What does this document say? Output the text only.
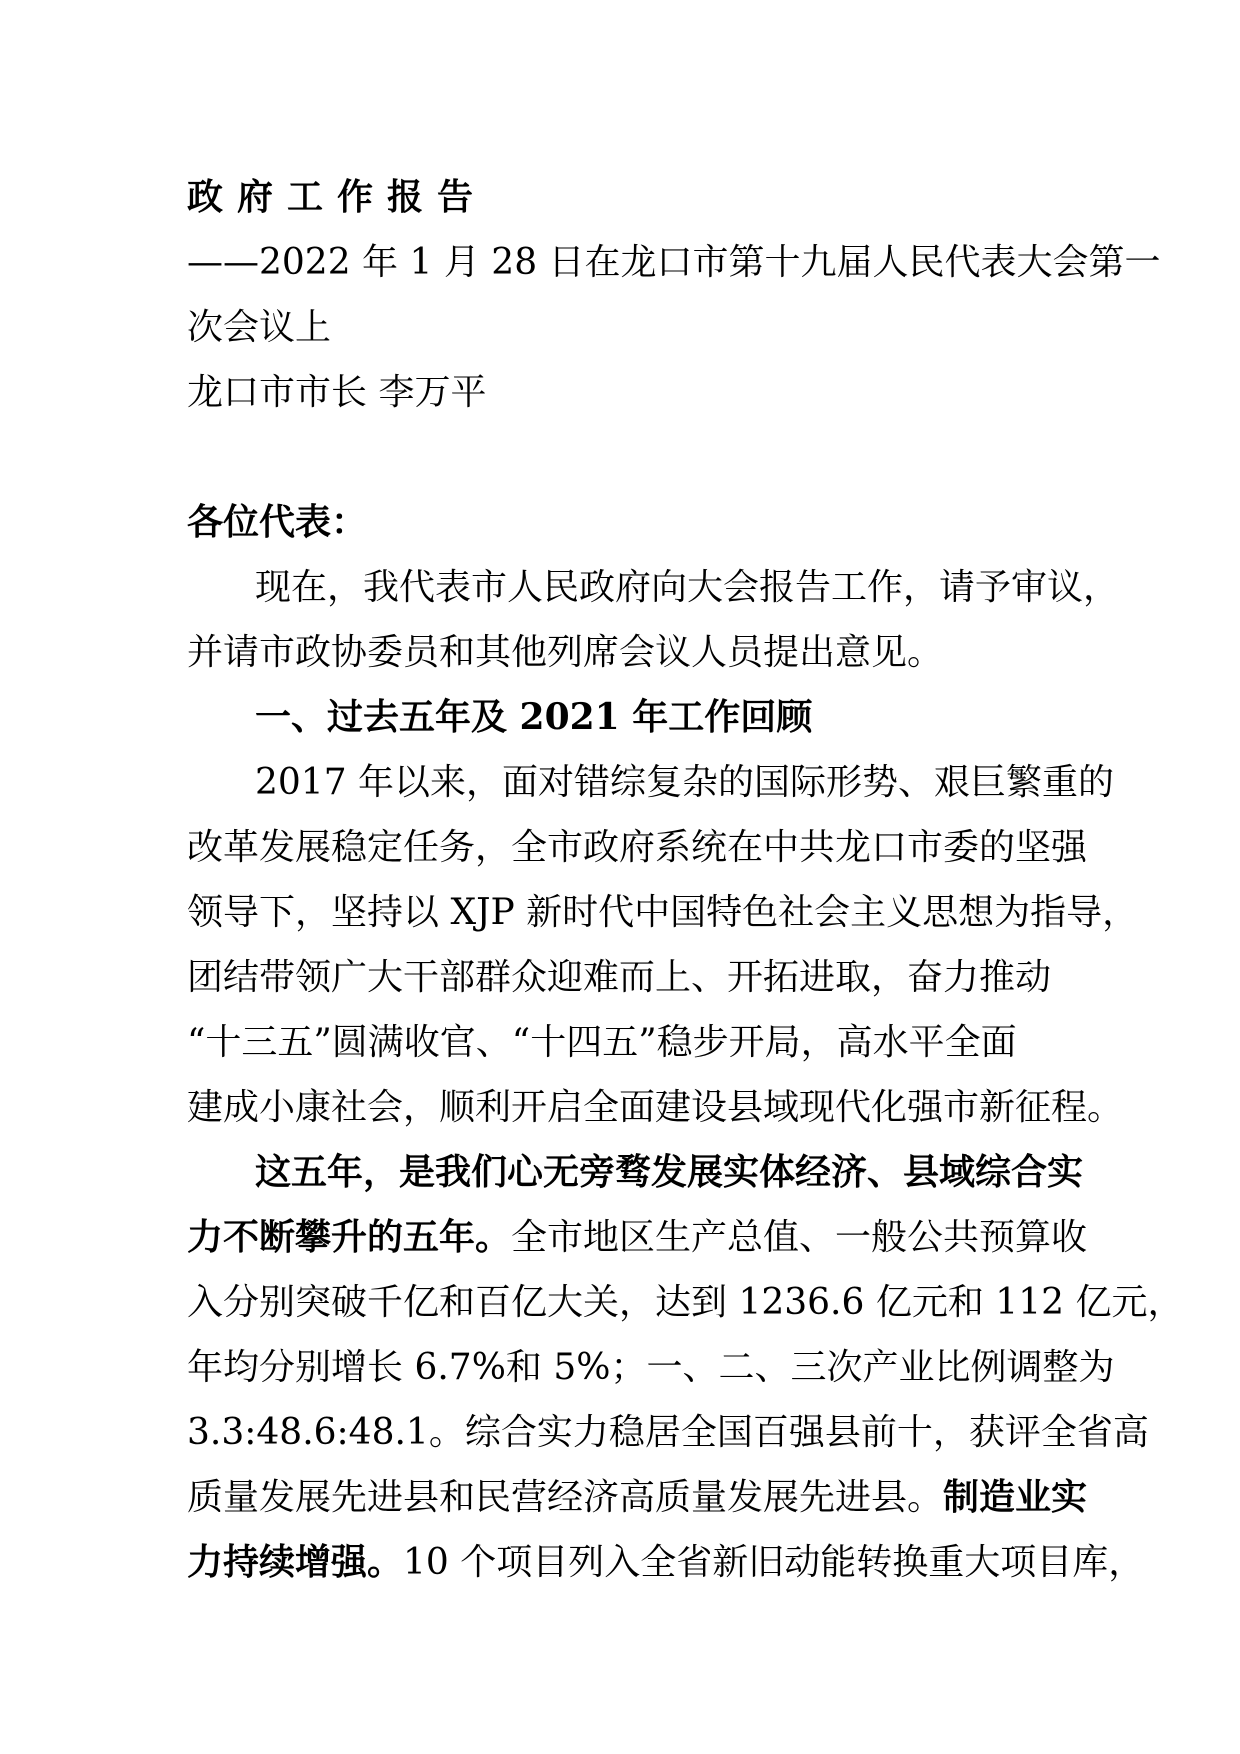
政府工作报告
——2022 年 1 月 28 日在龙口市第十九届人民代表大会第一
次会议上
龙口市市长 李万平
各位代表：
现在，我代表市人民政府向大会报告工作，请予审议，
并请市政协委员和其他列席会议人员提出意见。
一、过去五年及 2021 年工作回顾
2017 年以来，面对错综复杂的国际形势、艰巨繁重的
改革发展稳定任务，全市政府系统在中共龙口市委的坚强
领导下，坚持以 XJP 新时代中国特色社会主义思想为指导，
团结带领广大干部群众迎难而上、开拓进取，奋力推动
“十三五”圆满收官、“十四五”稳步开局，高水平全面
建成小康社会，顺利开启全面建设县域现代化强市新征程。
这五年，是我们心无旁骛发展实体经济、县域综合实
力不断攀升的五年。全市地区生产总值、一般公共预算收
入分别突破千亿和百亿大关，达到 1236.6 亿元和 112 亿元，
年均分别增长 6.7%和 5%；一、二、三次产业比例调整为
3.3:48.6:48.1。综合实力稳居全国百强县前十，获评全省高
质量发展先进县和民营经济高质量发展先进县。制造业实
力持续增强。10 个项目列入全省新旧动能转换重大项目库，
